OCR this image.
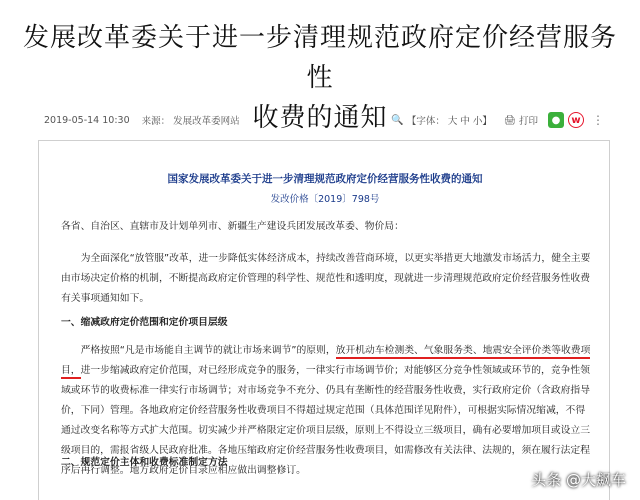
发展改革委关于进一步清理规范政府定价经营服务性
收费的通知
2019-05-14 10:30 来源： 发展改革委网站	🔍 【字体： 大 中 小】 🖨 打印	●	w ⋮
国家发展改革委关于进一步清理规范政府定价经营服务性收费的通知
发改价格〔2019〕798号
各省、自治区、直辖市及计划单列市、新疆生产建设兵团发展改革委、物价局：
为全面深化“放管服”改革，进一步降低实体经济成本，持续改善营商环境，以更实举措更大地激发市场活力，健全主要由市场决定价格的机制，不断提高政府定价管理的科学性、规范性和透明度，现就进一步清理规范政府定价经营服务性收费有关事项通知如下。
一、缩减政府定价范围和定价项目层级
严格按照“凡是市场能自主调节的就让市场来调节”的原则，放开机动车检测类、气象服务类、地震安全评价类等收费项目，进一步缩减政府定价范围，对已经形成竞争的服务，一律实行市场调节价；对能够区分竞争性领域或环节的，竞争性领域或环节的收费标准一律实行市场调节；对市场竞争不充分、仍具有垄断性的经营服务性收费，实行政府定价（含政府指导价，下同）管理。各地政府定价经营服务性收费项目不得超过规定范围（具体范围详见附件），可根据实际情况缩减，不得通过改变名称等方式扩大范围。切实减少并严格限定定价项目层级，原则上不得设立三级项目，确有必要增加项目或设立三级项目的，需报省级人民政府批准。各地压缩政府定价经营服务性收费项目，如需修改有关法律、法规的，须在履行法定程序后再行调整。地方政府定价目录应相应做出调整修订。
二、规范定价主体和收费标准制定方法
头条 @大飙车
